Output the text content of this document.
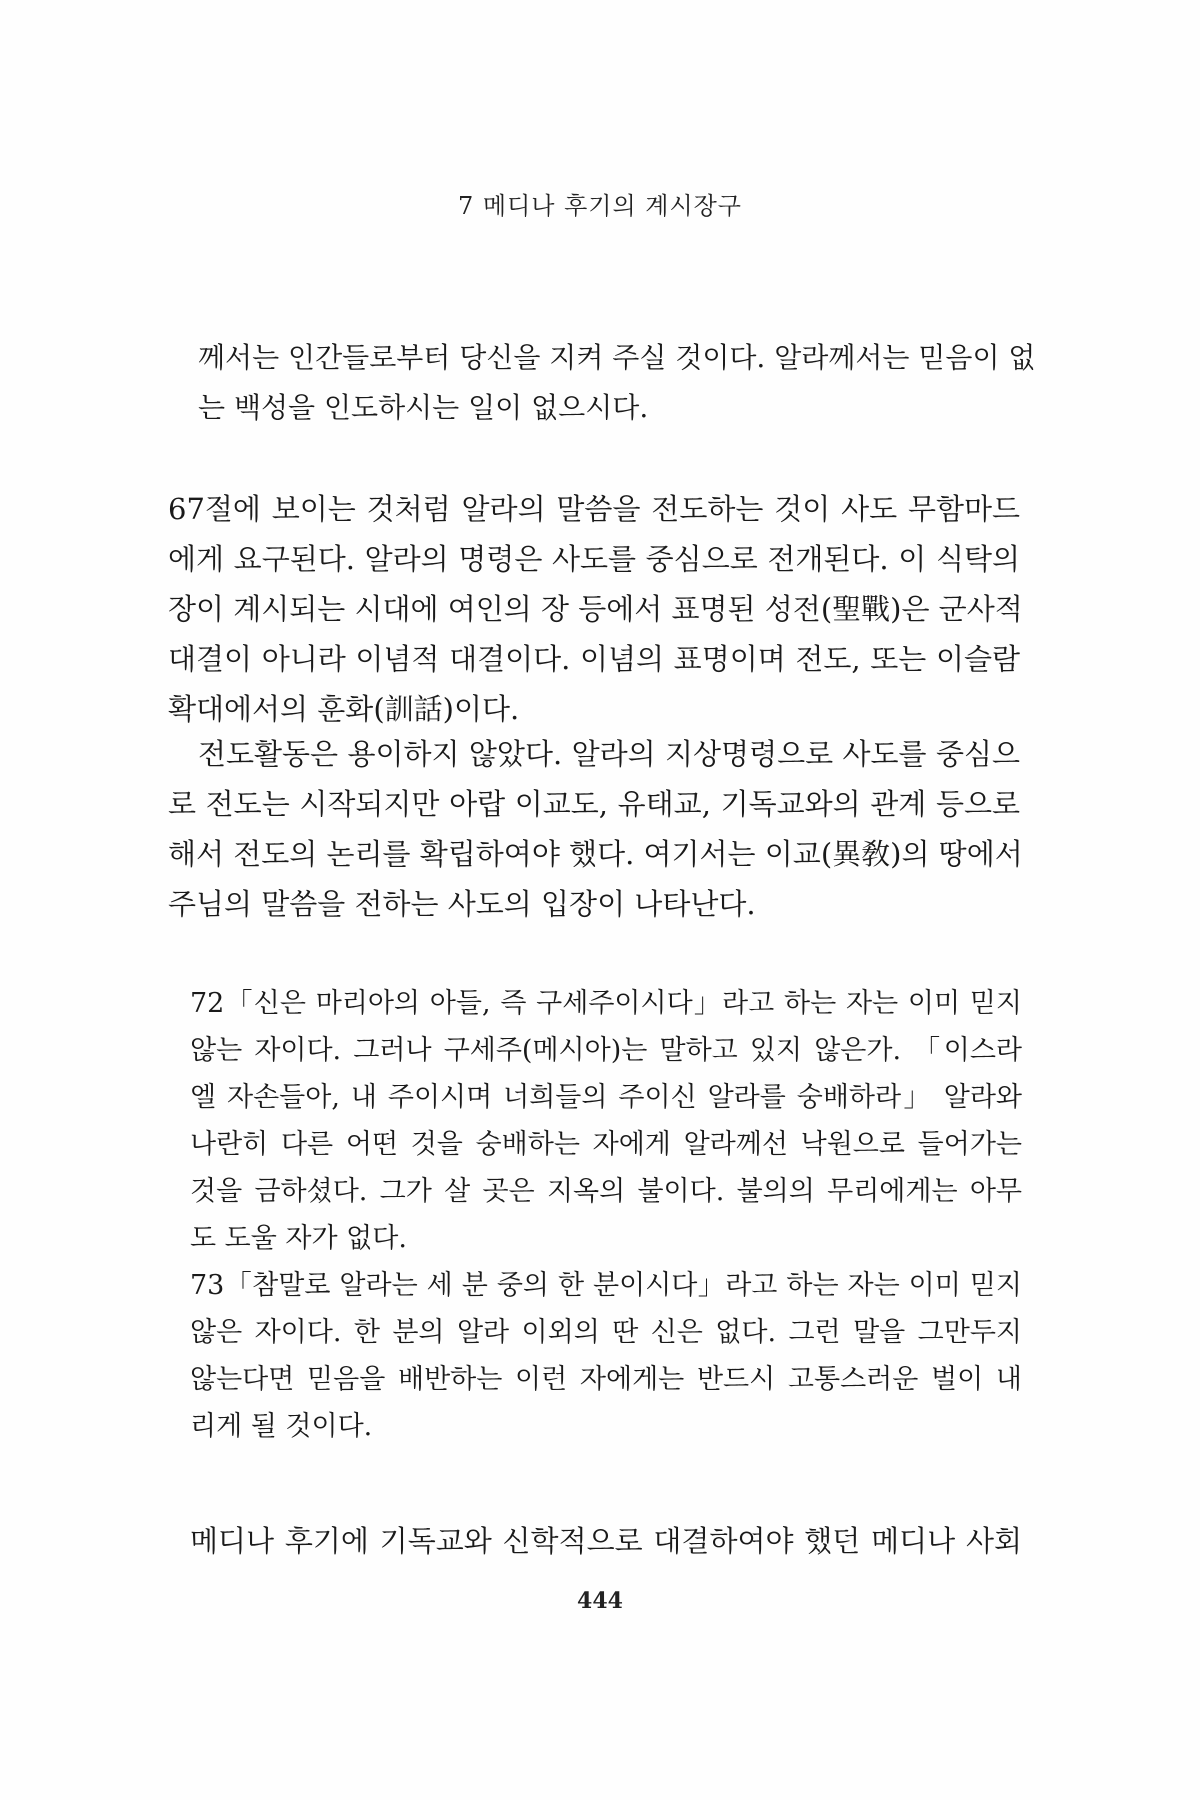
7 메디나 후기의 계시장구
께서는 인간들로부터 당신을 지켜 주실 것이다. 알라께서는 믿음이 없
는 백성을 인도하시는 일이 없으시다.
67절에 보이는 것처럼 알라의 말씀을 전도하는 것이 사도 무함마드
에게 요구된다. 알라의 명령은 사도를 중심으로 전개된다. 이 식탁의
장이 계시되는 시대에 여인의 장 등에서 표명된 성전(聖戰)은 군사적
대결이 아니라 이념적 대결이다. 이념의 표명이며 전도, 또는 이슬람
확대에서의 훈화(訓話)이다.
전도활동은 용이하지 않았다. 알라의 지상명령으로 사도를 중심으
로 전도는 시작되지만 아랍 이교도, 유태교, 기독교와의 관계 등으로
해서 전도의 논리를 확립하여야 했다. 여기서는 이교(異敎)의 땅에서
주님의 말씀을 전하는 사도의 입장이 나타난다.
72「신은 마리아의 아들, 즉 구세주이시다」라고 하는 자는 이미 믿지
않는 자이다. 그러나 구세주(메시아)는 말하고 있지 않은가. 「이스라
엘 자손들아, 내 주이시며 너희들의 주이신 알라를 숭배하라」 알라와
나란히 다른 어떤 것을 숭배하는 자에게 알라께선 낙원으로 들어가는
것을 금하셨다. 그가 살 곳은 지옥의 불이다. 불의의 무리에게는 아무
도 도울 자가 없다.
73「참말로 알라는 세 분 중의 한 분이시다」라고 하는 자는 이미 믿지
않은 자이다. 한 분의 알라 이외의 딴 신은 없다. 그런 말을 그만두지
않는다면 믿음을 배반하는 이런 자에게는 반드시 고통스러운 벌이 내
리게 될 것이다.
메디나 후기에 기독교와 신학적으로 대결하여야 했던 메디나 사회
444
